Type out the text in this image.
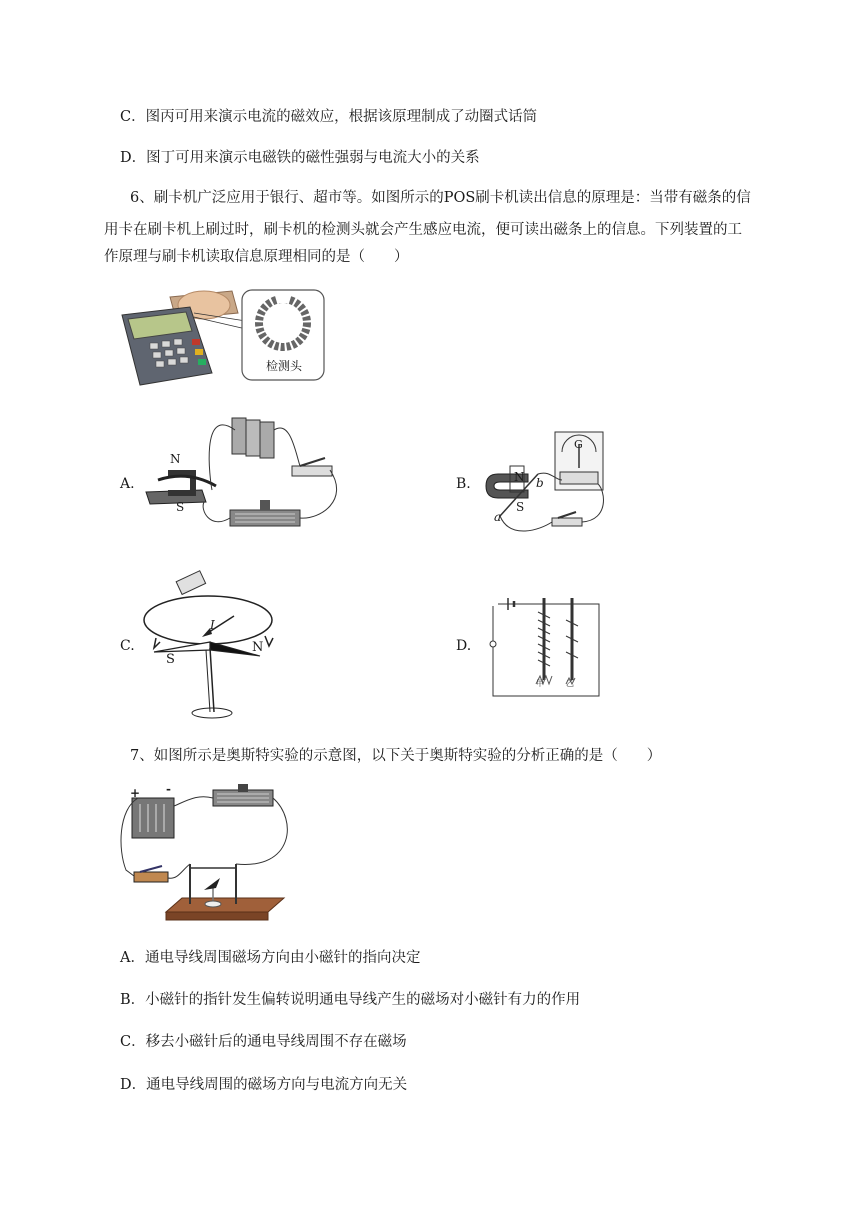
C．图丙可用来演示电流的磁效应，根据该原理制成了动圈式话筒
D．图丁可用来演示电磁铁的磁性强弱与电流大小的关系
6、刷卡机广泛应用于银行、超市等。如图所示的POS刷卡机读出信息的原理是：当带有磁条的信
用卡在刷卡机上刷过时，刷卡机的检测头就会产生感应电流，便可读出磁条上的信息。下列装置的工
作原理与刷卡机读取信息原理相同的是（　　）
检测头
A.
N
S
B.
G
N b
a
S
C.
I
S
N	D.
甲	乙
7、如图所示是奥斯特实验的示意图，以下关于奥斯特实验的分析正确的是（　　）
+ -
A．通电导线周围磁场方向由小磁针的指向决定
B．小磁针的指针发生偏转说明通电导线产生的磁场对小磁针有力的作用
C．移去小磁针后的通电导线周围不存在磁场
D．通电导线周围的磁场方向与电流方向无关
